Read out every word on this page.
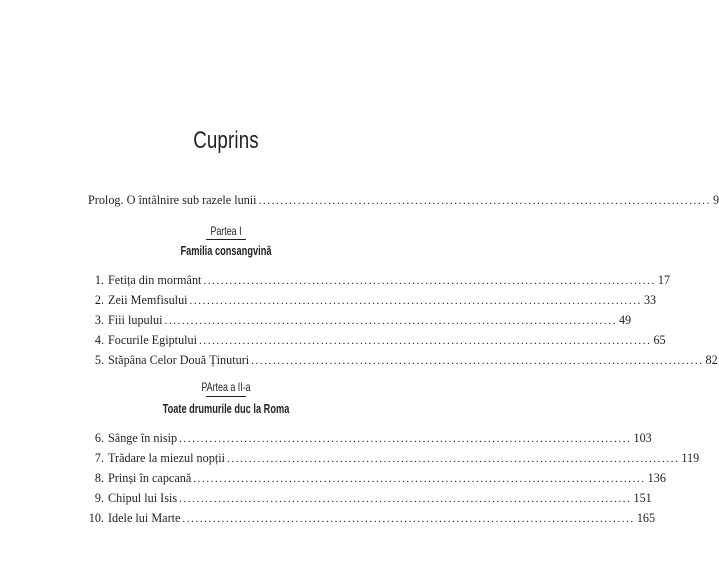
Cuprins
Prolog. O întâlnire sub razele lunii ........................................................................................................ 9
Partea I
Familia consangvină
1. Fetița din mormânt ........................................................................................................ 17
2. Zeii Memfisului ........................................................................................................ 33
3. Fiii lupului ........................................................................................................ 49
4. Focurile Egiptului ........................................................................................................ 65
5. Stăpâna Celor Două Ținuturi ........................................................................................................ 82
PArtea a II-a
Toate drumurile duc la Roma
6. Sânge în nisip ........................................................................................................ 103
7. Trădare la miezul nopții ........................................................................................................ 119
8. Prinși în capcană ........................................................................................................ 136
9. Chipul lui Isis ........................................................................................................ 151
10. Idele lui Marte ........................................................................................................ 165
